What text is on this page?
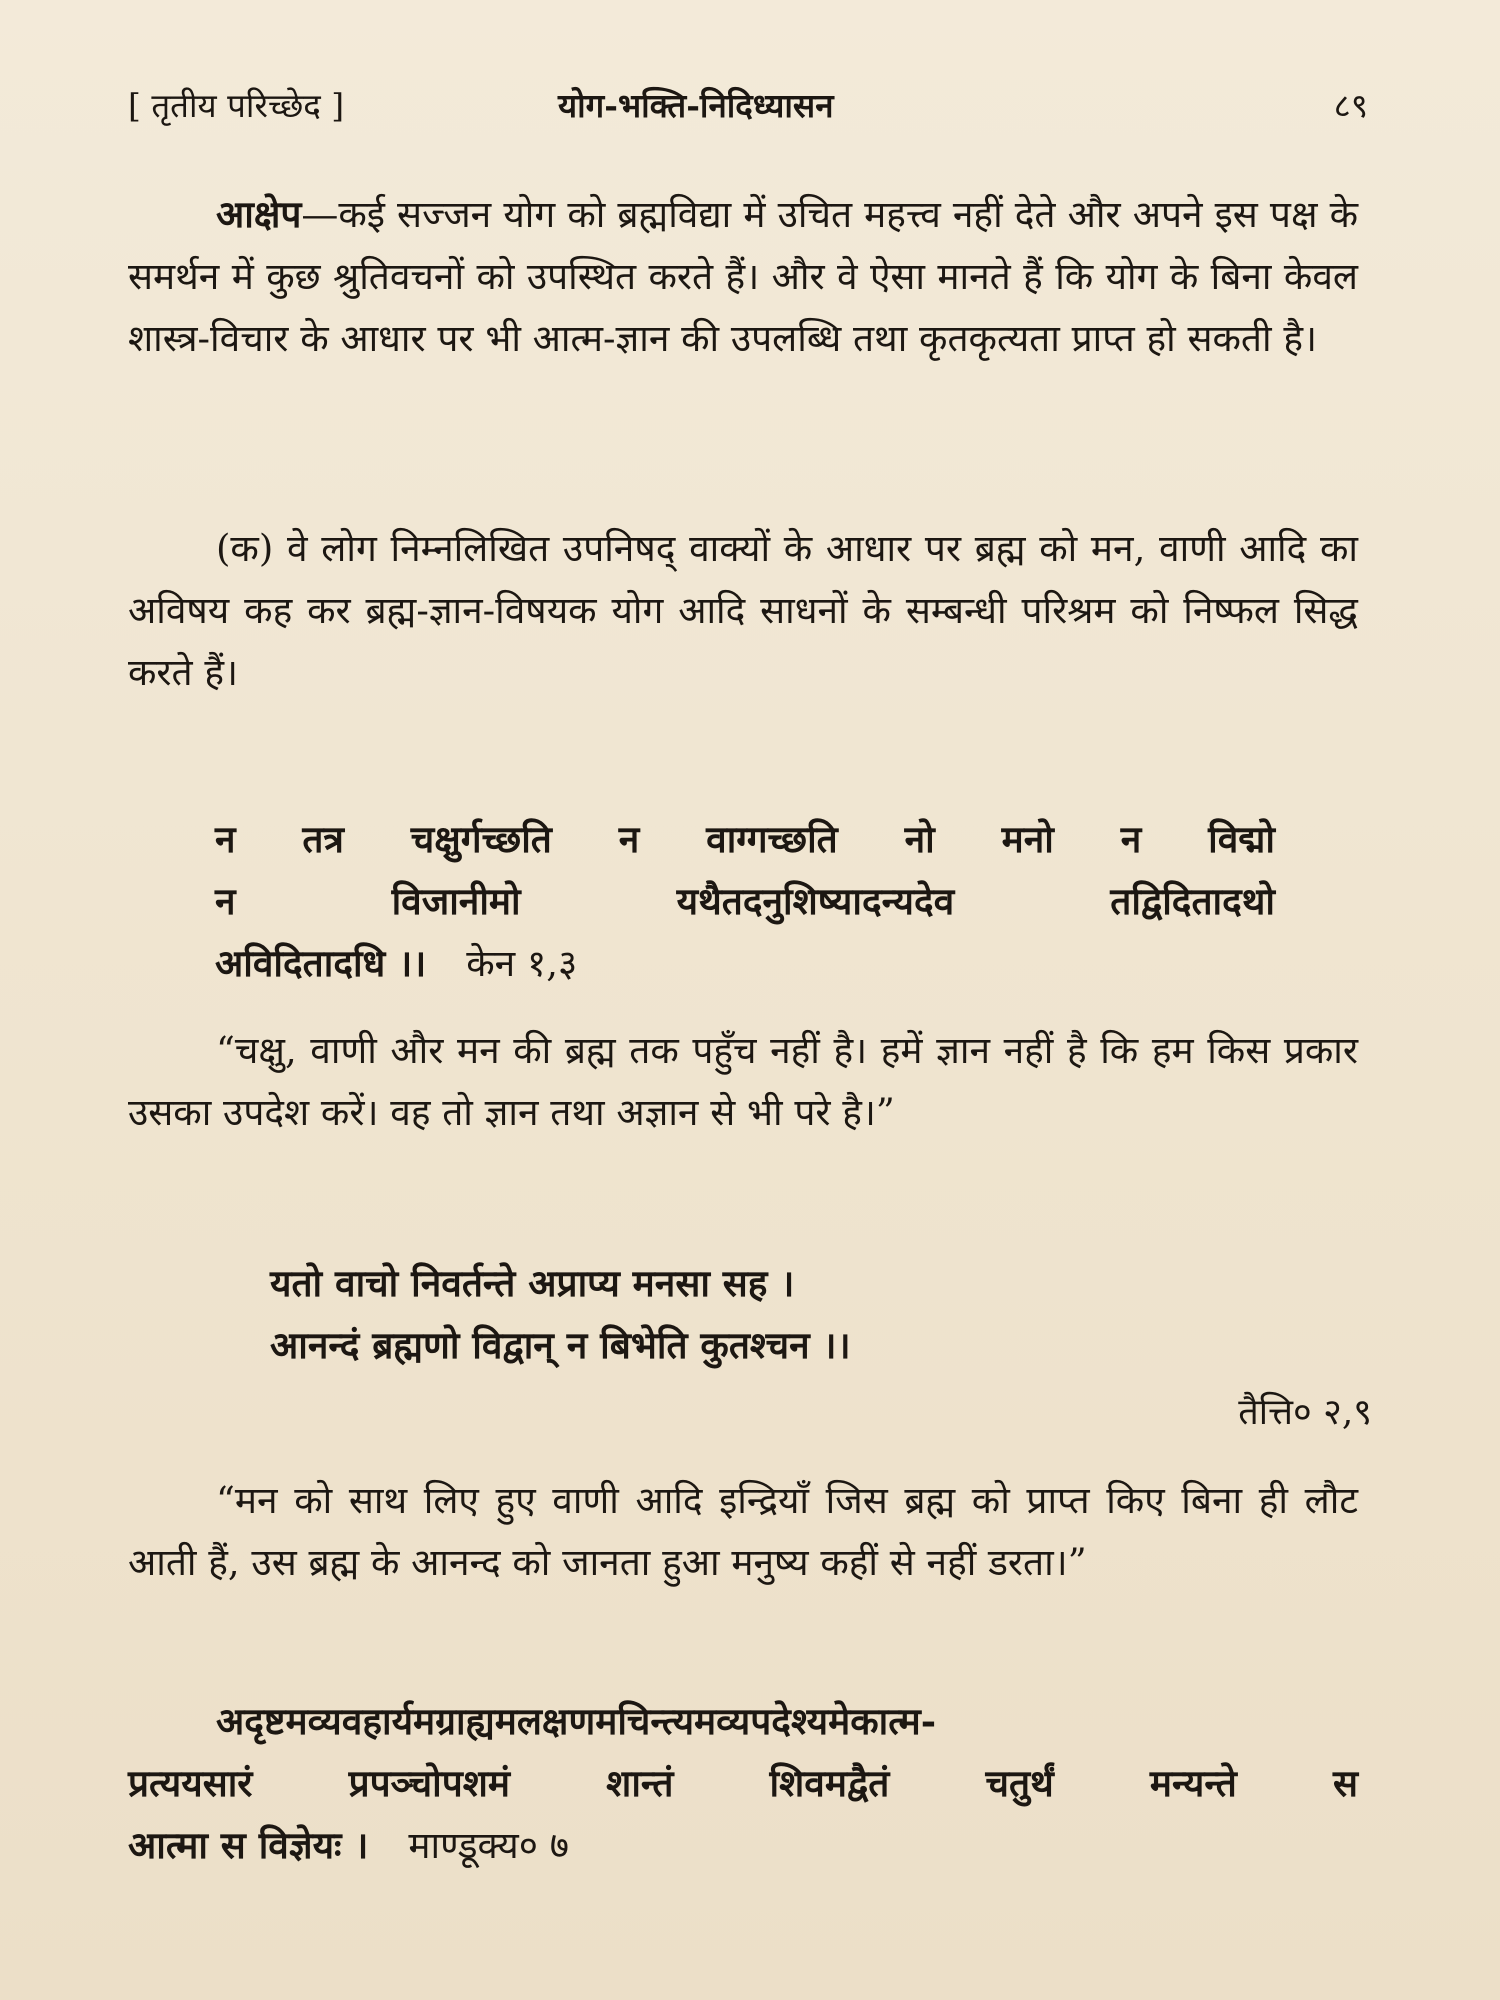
[ तृतीय परिच्छेद ]	योग-भक्ति-निदिध्यासन	८९

आक्षेप—कई सज्जन योग को ब्रह्मविद्या में उचित महत्त्व नहीं देते और अपने इस पक्ष के समर्थन में कुछ श्रुतिवचनों को उपस्थित करते हैं। और वे ऐसा मानते हैं कि योग के बिना केवल शास्त्र-विचार के आधार पर भी आत्म-ज्ञान की उपलब्धि तथा कृतकृत्यता प्राप्त हो सकती है।

(क) वे लोग निम्नलिखित उपनिषद् वाक्यों के आधार पर ब्रह्म को मन, वाणी आदि का अविषय कह कर ब्रह्म-ज्ञान-विषयक योग आदि साधनों के सम्बन्धी परिश्रम को निष्फल सिद्ध करते हैं।

न तत्र चक्षुर्गच्छति न वाग्गच्छति नो मनो न विद्मो
न विजानीमो यथैतदनुशिष्यादन्यदेव तद्विदितादथो
अविदितादधि ।। केन १,३

“चक्षु, वाणी और मन की ब्रह्म तक पहुँच नहीं है। हमें ज्ञान नहीं है कि हम किस प्रकार उसका उपदेश करें। वह तो ज्ञान तथा अज्ञान से भी परे है।”

यतो वाचो निवर्तन्ते अप्राप्य मनसा सह ।
आनन्दं ब्रह्मणो विद्वान् न बिभेति कुतश्चन ।।
तैत्ति० २,९

“मन को साथ लिए हुए वाणी आदि इन्द्रियाँ जिस ब्रह्म को प्राप्त किए बिना ही लौट आती हैं, उस ब्रह्म के आनन्द को जानता हुआ मनुष्य कहीं से नहीं डरता।”

अदृष्टमव्यवहार्यमग्राह्यमलक्षणमचिन्त्यमव्यपदेश्यमेकात्म-
प्रत्ययसारं प्रपञ्चोपशमं शान्तं शिवमद्वैतं चतुर्थं मन्यन्ते स
आत्मा स विज्ञेयः । माण्डूक्य० ७
